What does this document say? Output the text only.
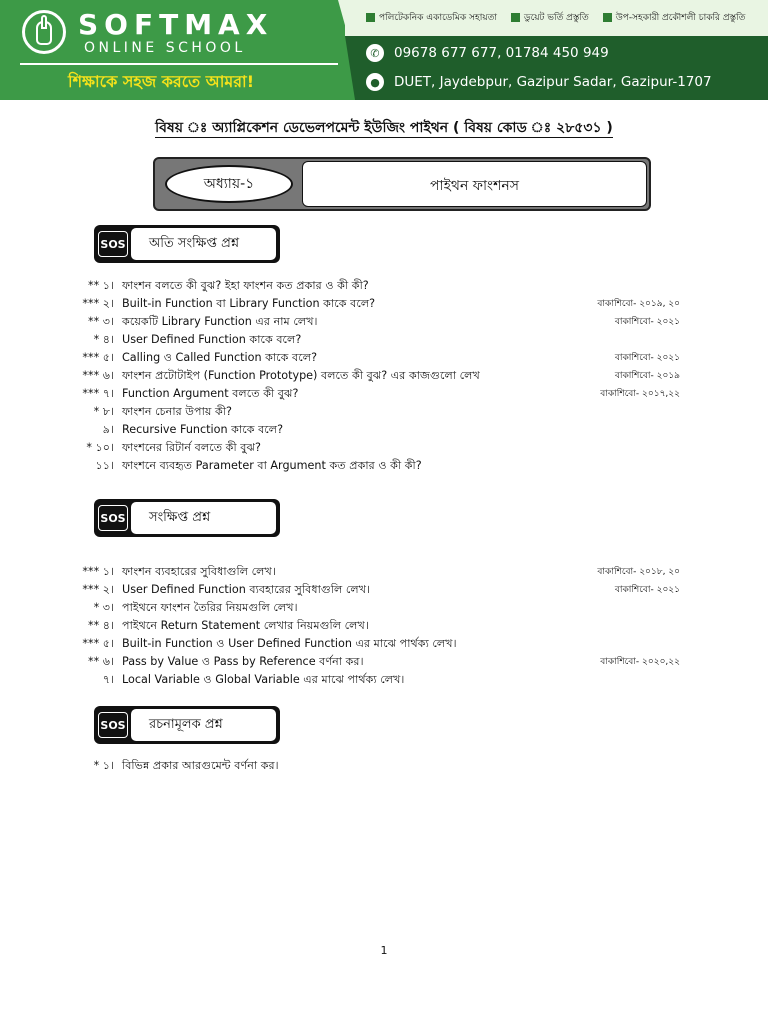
SOFTMAX
ONLINE SCHOOL
শিক্ষাকে সহজ করতে আমরা!
পলিটেকনিক একাডেমিক সহায়তা	ডুয়েট ভর্তি প্রস্তুতি	উপ-সহকারী প্রকৌশলী চাকরি প্রস্তুতি
✆	09678 677 677, 01784 450 949
●	DUET, Jaydebpur, Gazipur Sadar, Gazipur-1707
বিষয় ঃ অ্যাপ্লিকেশন ডেভেলপমেন্ট ইউজিং পাইথন ( বিষয় কোড ঃ ২৮৫৩১ )
অধ্যায়-১	পাইথন ফাংশনস
SOS	অতি সংক্ষিপ্ত প্রশ্ন
** ১। ফাংশন বলতে কী বুঝ? ইহা ফাংশন কত প্রকার ও কী কী?
*** ২। Built-in Function বা Library Function কাকে বলে?	বাকাশিবো- ২০১৯, ২০
** ৩। কয়েকটি Library Function এর নাম লেখ।	বাকাশিবো- ২০২১
* ৪। User Defined Function কাকে বলে?
*** ৫। Calling ও Called Function কাকে বলে?	বাকাশিবো- ২০২১
*** ৬। ফাংশন প্রটোটাইপ (Function Prototype) বলতে কী বুঝ? এর কাজগুলো লেখ	বাকাশিবো- ২০১৯
*** ৭। Function Argument বলতে কী বুঝ?	বাকাশিবো- ২০১৭,২২
* ৮। ফাংশন চেনার উপায় কী?
৯। Recursive Function কাকে বলে?
* ১০। ফাংশনের রিটার্ন বলতে কী বুঝ?
১১। ফাংশনে ব্যবহৃত Parameter বা Argument কত প্রকার ও কী কী?
SOS	সংক্ষিপ্ত প্রশ্ন
*** ১। ফাংশন ব্যবহারের সুবিধাগুলি লেখ।	বাকাশিবো- ২০১৮, ২০
*** ২। User Defined Function ব্যবহারের সুবিধাগুলি লেখ।	বাকাশিবো- ২০২১
* ৩। পাইথনে ফাংশন তৈরির নিয়মগুলি লেখ।
** ৪। পাইথনে Return Statement লেখার নিয়মগুলি লেখ।
*** ৫। Built-in Function ও User Defined Function এর মাঝে পার্থক্য লেখ।
** ৬। Pass by Value ও Pass by Reference বর্ণনা কর।	বাকাশিবো- ২০২০,২২
৭। Local Variable ও Global Variable এর মাঝে পার্থক্য লেখ।
SOS	রচনামূলক প্রশ্ন
* ১। বিভিন্ন প্রকার আরগুমেন্ট বর্ণনা কর।
1
